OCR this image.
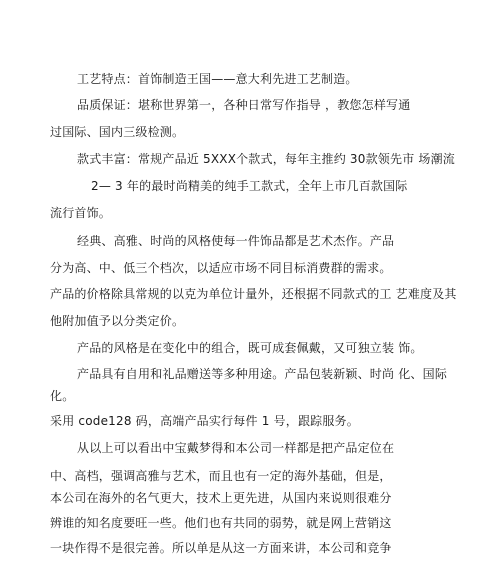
工艺特点：首饰制造王国——意大利先进工艺制造。
品质保证：堪称世界第一，各种日常写作指导 ，教您怎样写通
过国际、国内三级检测。
款式丰富：常规产品近 5XXX个款式，每年主推约 30款领先市 场潮流
2— 3 年的最时尚精美的纯手工款式，全年上市几百款国际
流行首饰。
经典、高雅、时尚的风格使每一件饰品都是艺术杰作。产品
分为高、中、低三个档次，以适应市场不同目标消费群的需求。
产品的价格除具常规的以克为单位计量外，还根据不同款式的工 艺难度及其
他附加值予以分类定价。
产品的风格是在变化中的组合，既可成套佩戴，又可独立装 饰。
产品具有自用和礼品赠送等多种用途。产品包装新颖、时尚 化、国际
化。
采用 code128 码，高端产品实行每件 1 号，跟踪服务。
从以上可以看出中宝戴梦得和本公司一样都是把产品定位在
中、高档，强调高雅与艺术，而且也有一定的海外基础，但是，
本公司在海外的名气更大，技术上更先进，从国内来说则很难分
辨谁的知名度要旺一些。他们也有共同的弱势，就是网上营销这
一块作得不是很完善。所以单是从这一方面来讲，本公司和竞争
